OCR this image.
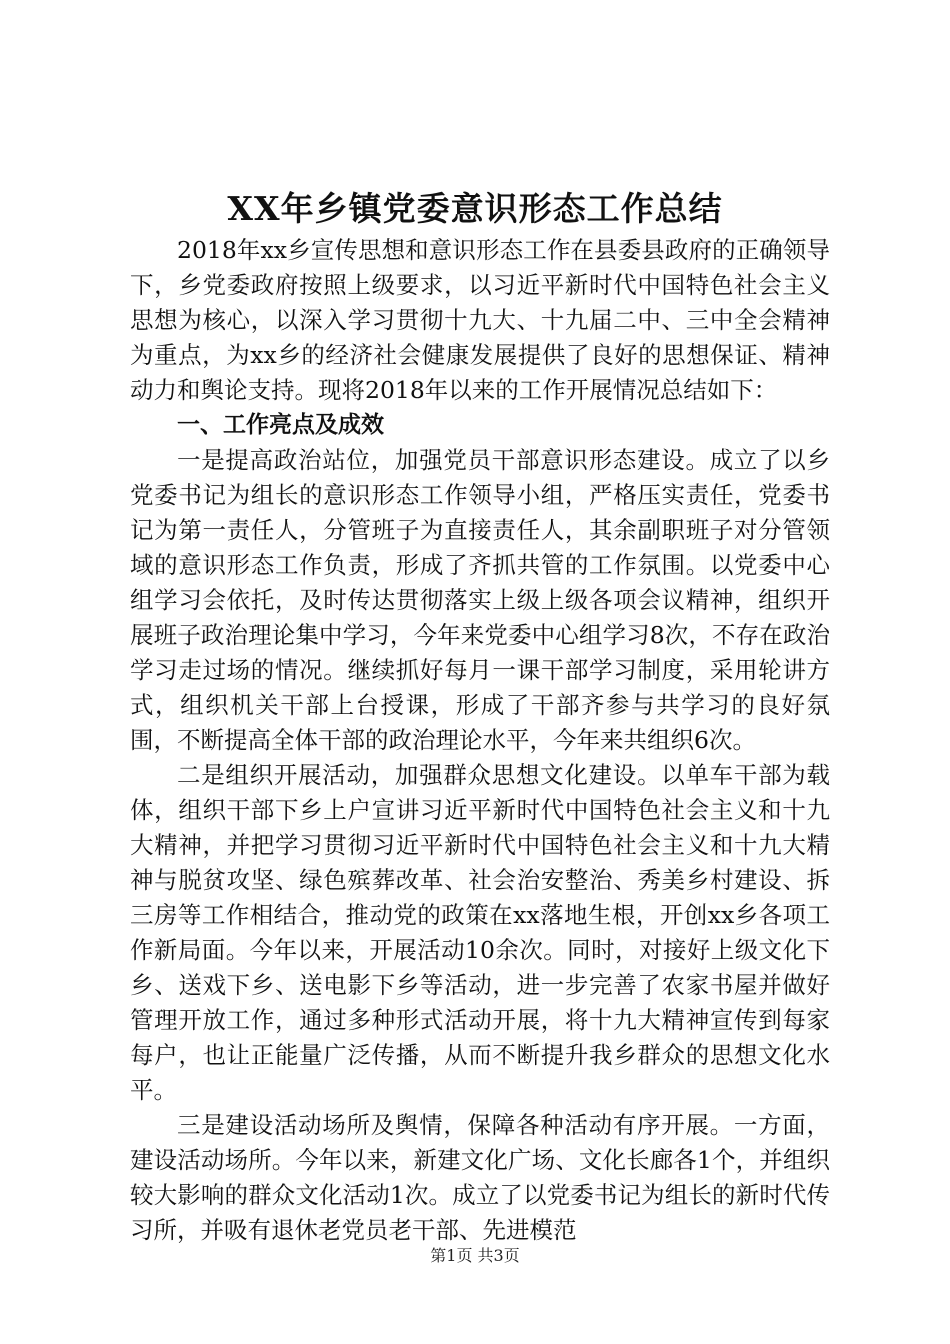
XX年乡镇党委意识形态工作总结

2018年xx乡宣传思想和意识形态工作在县委县政府的正确领导下，乡党委政府按照上级要求，以习近平新时代中国特色社会主义思想为核心，以深入学习贯彻十九大、十九届二中、三中全会精神为重点，为xx乡的经济社会健康发展提供了良好的思想保证、精神动力和舆论支持。现将2018年以来的工作开展情况总结如下：

一、工作亮点及成效

一是提高政治站位，加强党员干部意识形态建设。成立了以乡党委书记为组长的意识形态工作领导小组，严格压实责任，党委书记为第一责任人，分管班子为直接责任人，其余副职班子对分管领域的意识形态工作负责，形成了齐抓共管的工作氛围。以党委中心组学习会依托，及时传达贯彻落实上级上级各项会议精神，组织开展班子政治理论集中学习，今年来党委中心组学习8次，不存在政治学习走过场的情况。继续抓好每月一课干部学习制度，采用轮讲方式，组织机关干部上台授课，形成了干部齐参与共学习的良好氛围，不断提高全体干部的政治理论水平，今年来共组织6次。

二是组织开展活动，加强群众思想文化建设。以单车干部为载体，组织干部下乡上户宣讲习近平新时代中国特色社会主义和十九大精神，并把学习贯彻习近平新时代中国特色社会主义和十九大精神与脱贫攻坚、绿色殡葬改革、社会治安整治、秀美乡村建设、拆三房等工作相结合，推动党的政策在xx落地生根，开创xx乡各项工作新局面。今年以来，开展活动10余次。同时，对接好上级文化下乡、送戏下乡、送电影下乡等活动，进一步完善了农家书屋并做好管理开放工作，通过多种形式活动开展，将十九大精神宣传到每家每户，也让正能量广泛传播，从而不断提升我乡群众的思想文化水平。

三是建设活动场所及舆情，保障各种活动有序开展。一方面，建设活动场所。今年以来，新建文化广场、文化长廊各1个，并组织较大影响的群众文化活动1次。成立了以党委书记为组长的新时代传习所，并吸有退休老党员老干部、先进模范

第1页 共3页
